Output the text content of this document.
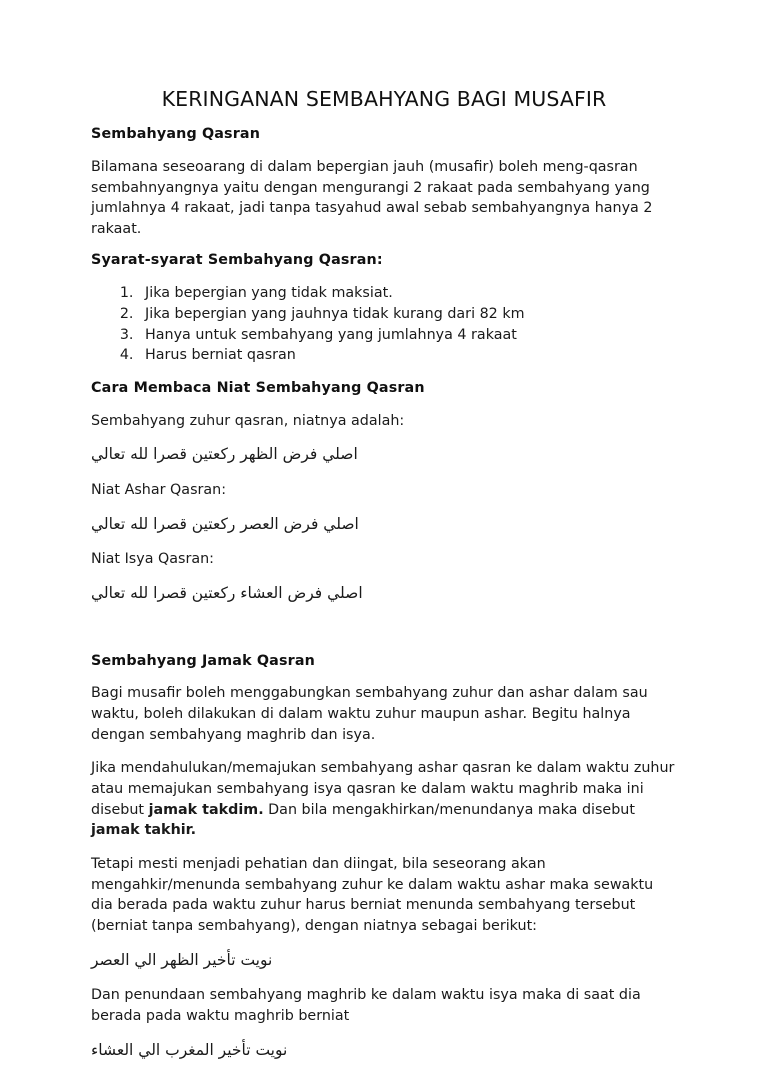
KERINGANAN SEMBAHYANG BAGI MUSAFIR
Sembahyang Qasran

Bilamana seseoarang di dalam bepergian jauh (musafir) boleh meng-qasran sembahnyangnya yaitu dengan mengurangi 2 rakaat pada sembahyang yang jumlahnya 4 rakaat, jadi tanpa tasyahud awal sebab sembahyangnya hanya 2 rakaat.

Syarat-syarat Sembahyang Qasran:
1. Jika bepergian yang tidak maksiat.
2. Jika bepergian yang jauhnya tidak kurang dari 82 km
3. Hanya untuk sembahyang yang jumlahnya 4 rakaat
4. Harus berniat qasran
Cara Membaca Niat Sembahyang Qasran

Sembahyang zuhur qasran, niatnya adalah:

اصلي فرض الظهر ركعتين قصرا لله تعالي

Niat Ashar Qasran:

اصلي فرض العصر ركعتين قصرا لله تعالي

Niat Isya Qasran:

اصلي فرض العشاء ركعتين قصرا لله تعالي

Sembahyang Jamak Qasran

Bagi musafir boleh menggabungkan sembahyang zuhur dan ashar dalam sau waktu, boleh dilakukan di dalam waktu zuhur maupun ashar. Begitu halnya dengan sembahyang maghrib dan isya.

Jika mendahulukan/memajukan sembahyang ashar qasran ke dalam waktu zuhur atau memajukan sembahyang isya qasran ke dalam waktu maghrib maka ini disebut jamak takdim. Dan bila mengakhirkan/menundanya maka disebut jamak takhir.

Tetapi mesti menjadi pehatian dan diingat, bila seseorang akan mengahkir/menunda sembahyang zuhur ke dalam waktu ashar maka sewaktu dia berada pada waktu zuhur harus berniat menunda sembahyang tersebut (berniat tanpa sembahyang), dengan niatnya sebagai berikut:

نويت تأخير الظهر الي العصر

Dan penundaan sembahyang maghrib ke dalam waktu isya maka di saat dia berada pada waktu maghrib berniat

نويت تأخير المغرب الي العشاء
